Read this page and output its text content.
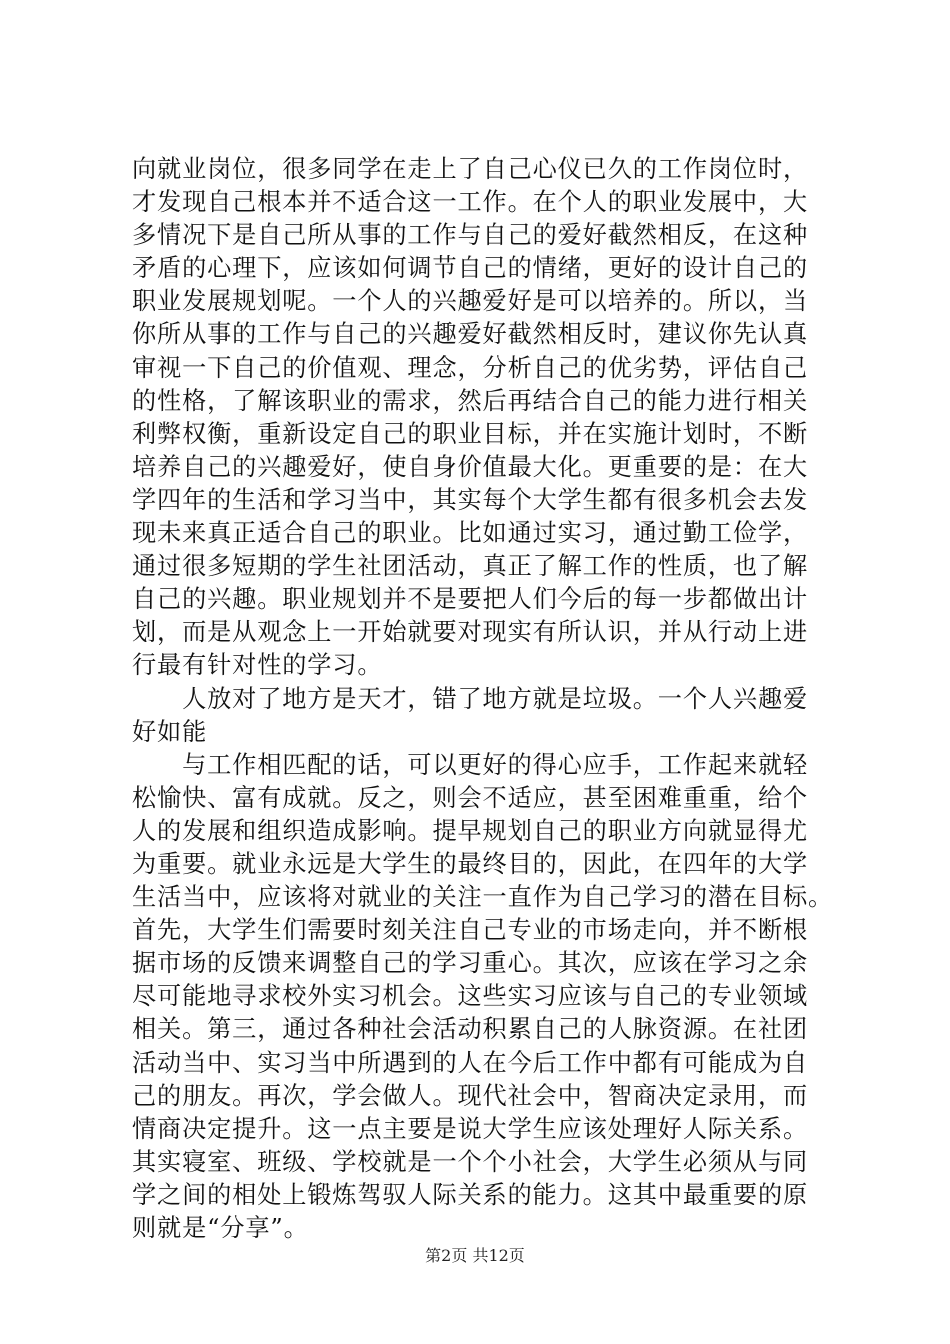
向就业岗位，很多同学在走上了自己心仪已久的工作岗位时，
才发现自己根本并不适合这一工作。在个人的职业发展中，大
多情况下是自己所从事的工作与自己的爱好截然相反，在这种
矛盾的心理下，应该如何调节自己的情绪，更好的设计自己的
职业发展规划呢。一个人的兴趣爱好是可以培养的。所以，当
你所从事的工作与自己的兴趣爱好截然相反时，建议你先认真
审视一下自己的价值观、理念，分析自己的优劣势，评估自己
的性格，了解该职业的需求，然后再结合自己的能力进行相关
利弊权衡，重新设定自己的职业目标，并在实施计划时，不断
培养自己的兴趣爱好，使自身价值最大化。更重要的是：在大
学四年的生活和学习当中，其实每个大学生都有很多机会去发
现未来真正适合自己的职业。比如通过实习，通过勤工俭学，
通过很多短期的学生社团活动，真正了解工作的性质，也了解
自己的兴趣。职业规划并不是要把人们今后的每一步都做出计
划，而是从观念上一开始就要对现实有所认识，并从行动上进
行最有针对性的学习。
　　人放对了地方是天才，错了地方就是垃圾。一个人兴趣爱
好如能
　　与工作相匹配的话，可以更好的得心应手，工作起来就轻
松愉快、富有成就。反之，则会不适应，甚至困难重重，给个
人的发展和组织造成影响。提早规划自己的职业方向就显得尤
为重要。就业永远是大学生的最终目的，因此，在四年的大学
生活当中，应该将对就业的关注一直作为自己学习的潜在目标。
首先，大学生们需要时刻关注自己专业的市场走向，并不断根
据市场的反馈来调整自己的学习重心。其次，应该在学习之余
尽可能地寻求校外实习机会。这些实习应该与自己的专业领域
相关。第三，通过各种社会活动积累自己的人脉资源。在社团
活动当中、实习当中所遇到的人在今后工作中都有可能成为自
己的朋友。再次，学会做人。现代社会中，智商决定录用，而
情商决定提升。这一点主要是说大学生应该处理好人际关系。
其实寝室、班级、学校就是一个个小社会，大学生必须从与同
学之间的相处上锻炼驾驭人际关系的能力。这其中最重要的原
则就是“分享”。
第2页 共12页
